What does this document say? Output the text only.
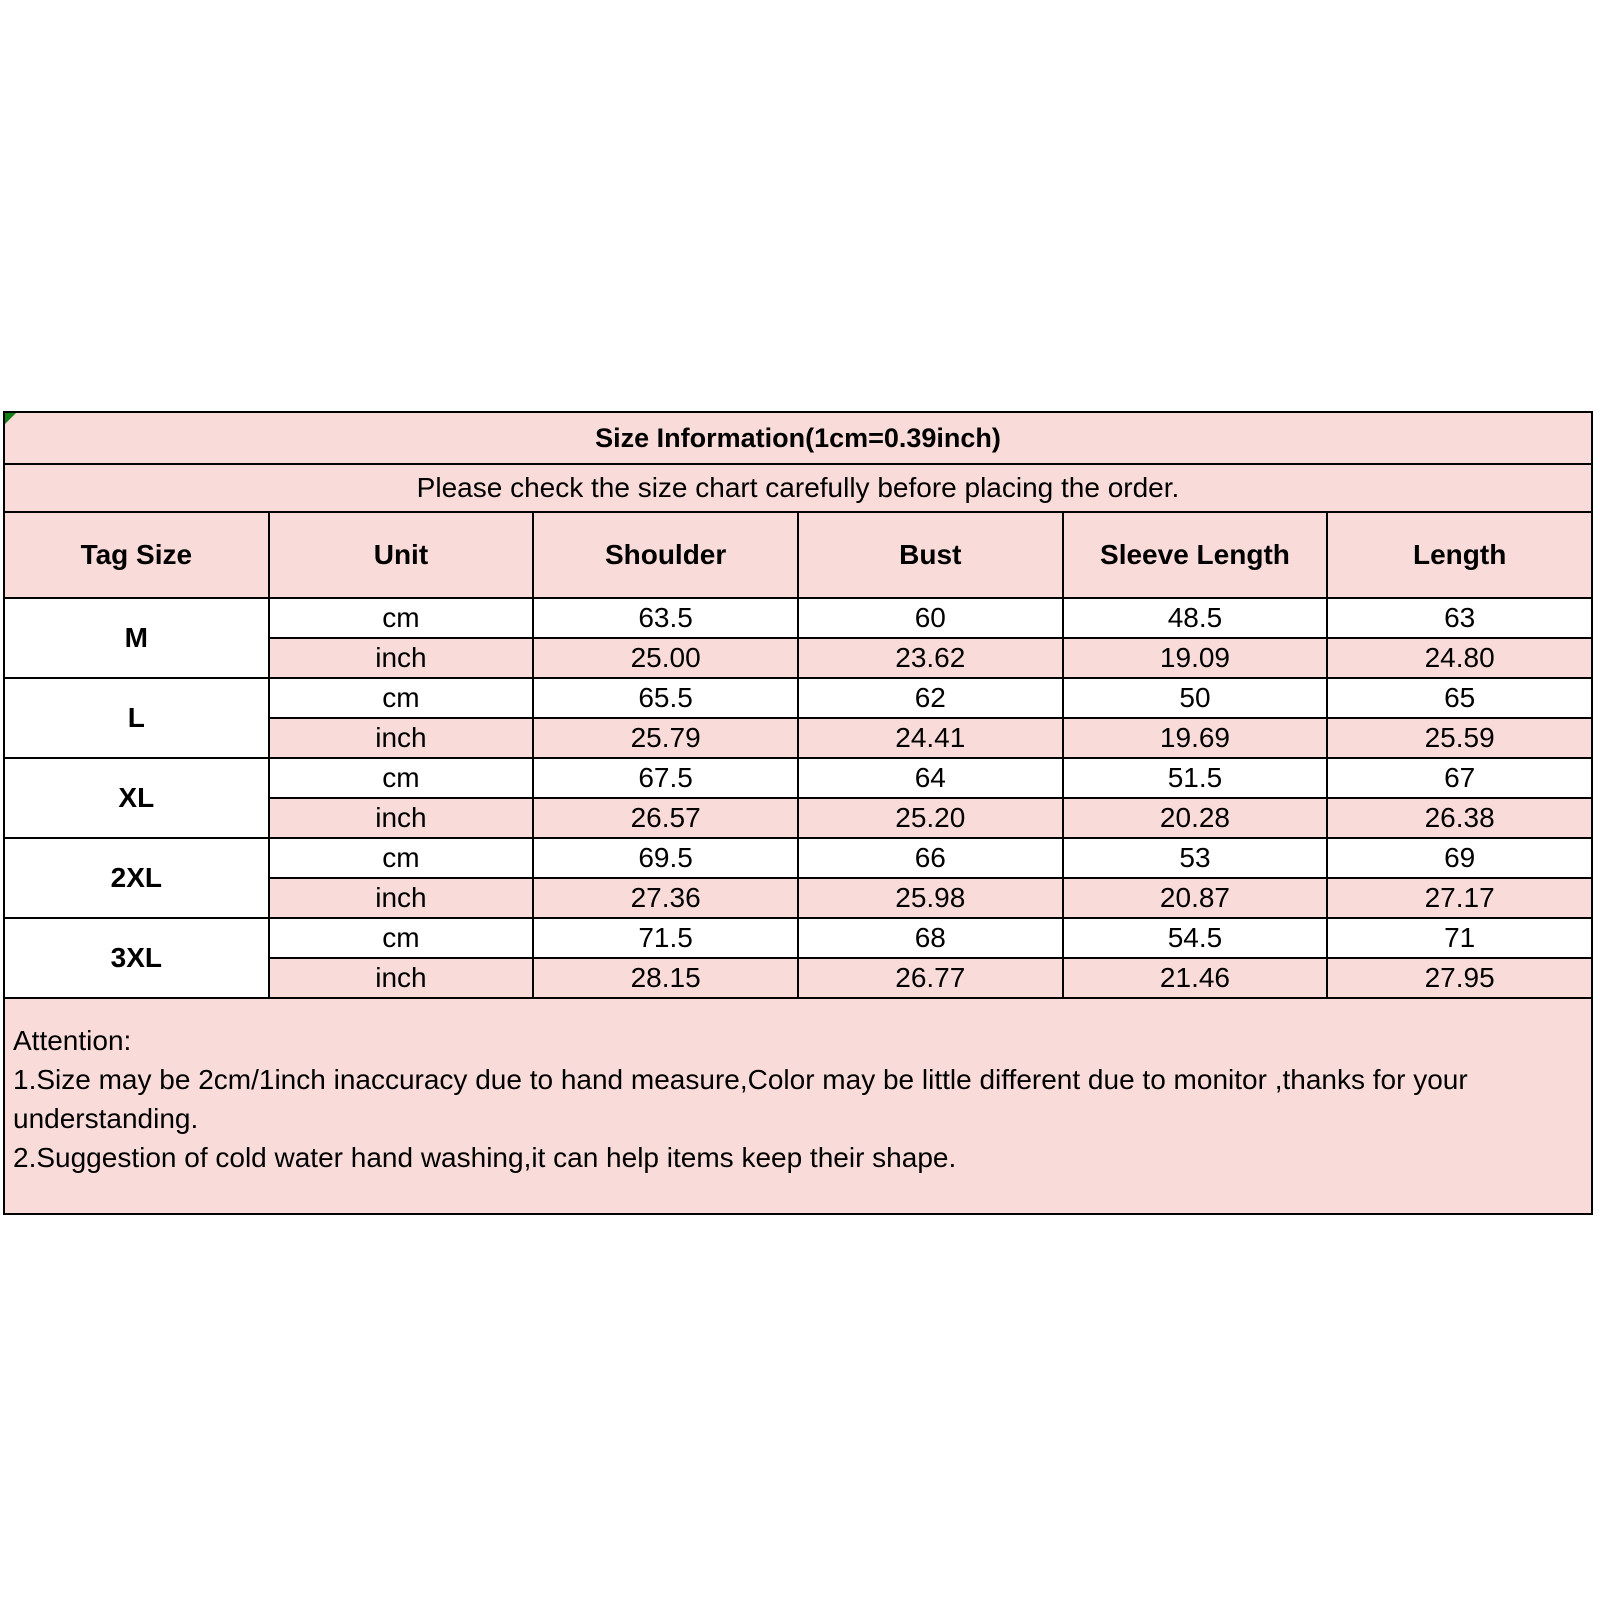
Size Information(1cm=0.39inch)					
Please check the size chart carefully before placing the order.					
Tag Size	Unit	Shoulder	Bust	Sleeve Length	Length
M	cm	63.5	60	48.5	63
	inch	25.00	23.62	19.09	24.80
L	cm	65.5	62	50	65
	inch	25.79	24.41	19.69	25.59
XL	cm	67.5	64	51.5	67
	inch	26.57	25.20	20.28	26.38
2XL	cm	69.5	66	53	69
	inch	27.36	25.98	20.87	27.17
3XL	cm	71.5	68	54.5	71
	inch	28.15	26.77	21.46	27.95

Attention:
1.Size may be 2cm/1inch inaccuracy due to hand measure,Color may be little different due to monitor ,thanks for your understanding.
2.Suggestion of cold water hand washing,it can help items keep their shape.					
